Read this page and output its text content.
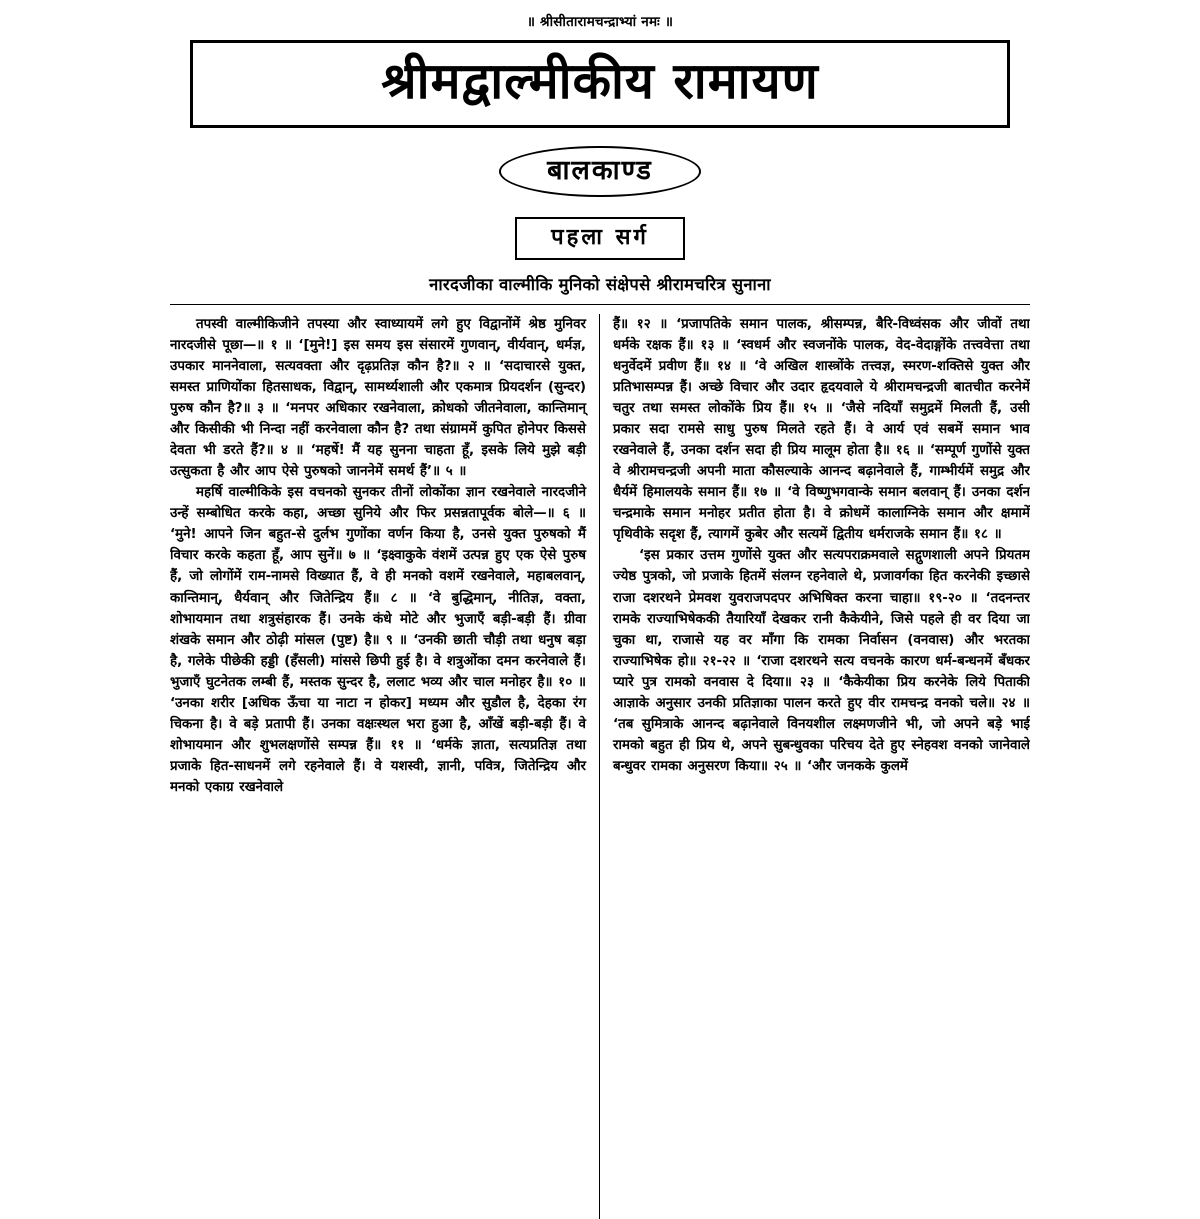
॥ श्रीसीतारामचन्द्राभ्यां नमः ॥
श्रीमद्वाल्मीकीय रामायण
बालकाण्ड
पहला सर्ग
नारदजीका वाल्मीकि मुनिको संक्षेपसे श्रीरामचरित्र सुनाना

तपस्वी वाल्मीकिजीने तपस्या और स्वाध्यायमें लगे हुए विद्वानोंमें श्रेष्ठ मुनिवर नारदजीसे पूछा—॥ १ ॥ ‘[मुने!] इस समय इस संसारमें गुणवान्, वीर्यवान्, धर्मज्ञ, उपकार माननेवाला, सत्यवक्ता और दृढ़प्रतिज्ञ कौन है?॥ २ ॥ ‘सदाचारसे युक्त, समस्त प्राणियोंका हितसाधक, विद्वान्, सामर्थ्यशाली और एकमात्र प्रियदर्शन (सुन्दर) पुरुष कौन है?॥ ३ ॥ ‘मनपर अधिकार रखनेवाला, क्रोधको जीतनेवाला, कान्तिमान् और किसीकी भी निन्दा नहीं करनेवाला कौन है? तथा संग्राममें कुपित होनेपर किससे देवता भी डरते हैं?॥ ४ ॥ ‘महर्षे! मैं यह सुनना चाहता हूँ, इसके लिये मुझे बड़ी उत्सुकता है और आप ऐसे पुरुषको जाननेमें समर्थ हैं’॥ ५ ॥

महर्षि वाल्मीकिके इस वचनको सुनकर तीनों लोकोंका ज्ञान रखनेवाले नारदजीने उन्हें सम्बोधित करके कहा, अच्छा सुनिये और फिर प्रसन्नतापूर्वक बोले—॥ ६ ॥ ‘मुने! आपने जिन बहुत-से दुर्लभ गुणोंका वर्णन किया है, उनसे युक्त पुरुषको मैं विचार करके कहता हूँ, आप सुनें॥ ७ ॥ ‘इक्ष्वाकुके वंशमें उत्पन्न हुए एक ऐसे पुरुष हैं, जो लोगोंमें राम-नामसे विख्यात हैं, वे ही मनको वशमें रखनेवाले, महाबलवान्, कान्तिमान्, धैर्यवान् और जितेन्द्रिय हैं॥ ८ ॥ ‘वे बुद्धिमान्, नीतिज्ञ, वक्ता, शोभायमान तथा शत्रुसंहारक हैं। उनके कंधे मोटे और भुजाएँ बड़ी-बड़ी हैं। ग्रीवा शंखके समान और ठोढ़ी मांसल (पुष्ट) है॥ ९ ॥ ‘उनकी छाती चौड़ी तथा धनुष बड़ा है, गलेके पीछेकी हड्डी (हँसली) मांससे छिपी हुई है। वे शत्रुओंका दमन करनेवाले हैं। भुजाएँ घुटनेतक लम्बी हैं, मस्तक सुन्दर है, ललाट भव्य और चाल मनोहर है॥ १० ॥ ‘उनका शरीर [अधिक ऊँचा या नाटा न होकर] मध्यम और सुडौल है, देहका रंग चिकना है। वे बड़े प्रतापी हैं। उनका वक्षःस्थल भरा हुआ है, आँखें बड़ी-बड़ी हैं। वे शोभायमान और शुभलक्षणोंसे सम्पन्न हैं॥ ११ ॥ ‘धर्मके ज्ञाता, सत्यप्रतिज्ञ तथा प्रजाके हित-साधनमें लगे रहनेवाले हैं। वे यशस्वी, ज्ञानी, पवित्र, जितेन्द्रिय और मनको एकाग्र रखनेवाले

हैं॥ १२ ॥ ‘प्रजापतिके समान पालक, श्रीसम्पन्न, बैरि-विध्वंसक और जीवों तथा धर्मके रक्षक हैं॥ १३ ॥ ‘स्वधर्म और स्वजनोंके पालक, वेद-वेदाङ्गोंके तत्त्ववेत्ता तथा धनुर्वेदमें प्रवीण हैं॥ १४ ॥ ‘वे अखिल शास्त्रोंके तत्त्वज्ञ, स्मरण-शक्तिसे युक्त और प्रतिभासम्पन्न हैं। अच्छे विचार और उदार हृदयवाले ये श्रीरामचन्द्रजी बातचीत करनेमें चतुर तथा समस्त लोकोंके प्रिय हैं॥ १५ ॥ ‘जैसे नदियाँ समुद्रमें मिलती हैं, उसी प्रकार सदा रामसे साधु पुरुष मिलते रहते हैं। वे आर्य एवं सबमें समान भाव रखनेवाले हैं, उनका दर्शन सदा ही प्रिय मालूम होता है॥ १६ ॥ ‘सम्पूर्ण गुणोंसे युक्त वे श्रीरामचन्द्रजी अपनी माता कौसल्याके आनन्द बढ़ानेवाले हैं, गाम्भीर्यमें समुद्र और धैर्यमें हिमालयके समान हैं॥ १७ ॥ ‘वे विष्णुभगवान्के समान बलवान् हैं। उनका दर्शन चन्द्रमाके समान मनोहर प्रतीत होता है। वे क्रोधमें कालाग्निके समान और क्षमामें पृथिवीके सदृश हैं, त्यागमें कुबेर और सत्यमें द्वितीय धर्मराजके समान हैं॥ १८ ॥

‘इस प्रकार उत्तम गुणोंसे युक्त और सत्यपराक्रमवाले सद्गुणशाली अपने प्रियतम ज्येष्ठ पुत्रको, जो प्रजाके हितमें संलग्न रहनेवाले थे, प्रजावर्गका हित करनेकी इच्छासे राजा दशरथने प्रेमवश युवराजपदपर अभिषिक्त करना चाहा॥ १९-२० ॥ ‘तदनन्तर रामके राज्याभिषेककी तैयारियाँ देखकर रानी कैकेयीने, जिसे पहले ही वर दिया जा चुका था, राजासे यह वर माँगा कि रामका निर्वासन (वनवास) और भरतका राज्याभिषेक हो॥ २१-२२ ॥ ‘राजा दशरथने सत्य वचनके कारण धर्म-बन्धनमें बँधकर प्यारे पुत्र रामको वनवास दे दिया॥ २३ ॥ ‘कैकेयीका प्रिय करनेके लिये पिताकी आज्ञाके अनुसार उनकी प्रतिज्ञाका पालन करते हुए वीर रामचन्द्र वनको चले॥ २४ ॥ ‘तब सुमित्राके आनन्द बढ़ानेवाले विनयशील लक्ष्मणजीने भी, जो अपने बड़े भाई रामको बहुत ही प्रिय थे, अपने सुबन्धुवका परिचय देते हुए स्नेहवश वनको जानेवाले बन्धुवर रामका अनुसरण किया॥ २५ ॥ ‘और जनकके कुलमें
